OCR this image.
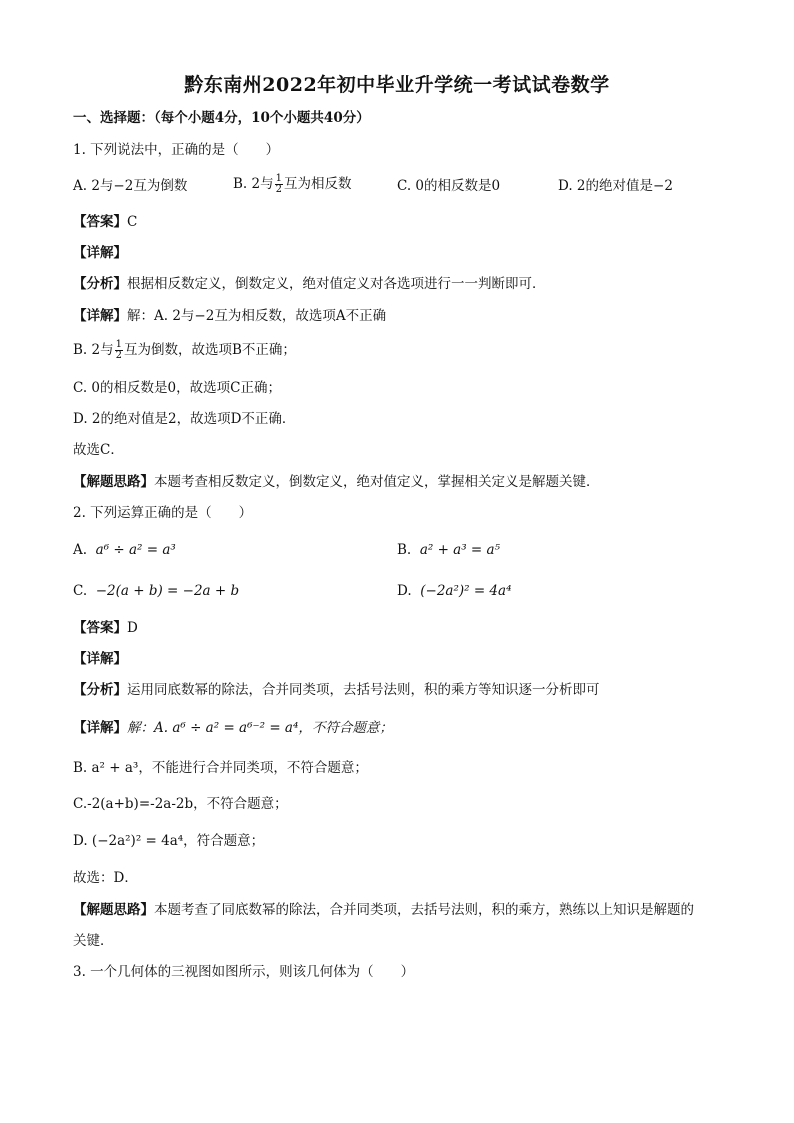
黔东南州2022年初中毕业升学统一考试试卷数学
一、选择题：（每个小题4分，10个小题共40分）
1. 下列说法中，正确的是（　　）
A. 2与−2互为倒数	B. 2与 $\frac{1}{2}$ 互为相反数	C. 0的相反数是0	D. 2的绝对值是−2
【答案】C
【详解】
【分析】根据相反数定义，倒数定义，绝对值定义对各选项进行一一判断即可．
【详解】解：A. 2与−2互为相反数，故选项A不正确
B. 2与 $\frac{1}{2}$ 互为倒数，故选项B不正确；
C. 0的相反数是0，故选项C正确；
D. 2的绝对值是2，故选项D不正确．
故选C．
【解题思路】本题考查相反数定义，倒数定义，绝对值定义，掌握相关定义是解题关键．
2. 下列运算正确的是（　　）
A. a⁶ ÷ a² = a³	B. a² + a³ = a⁵
C. −2(a + b) = −2a + b	D. (−2a²)² = 4a⁴
【答案】D
【详解】
【分析】运用同底数幂的除法，合并同类项，去括号法则，积的乘方等知识逐一分析即可
【详解】解：A. a⁶ ÷ a² = a⁶⁻² = a⁴，不符合题意；
B. a² + a³，不能进行合并同类项，不符合题意；
C.-2(a+b)=-2a-2b，不符合题意；
D. (−2a²)² = 4a⁴，符合题意；
故选：D．
【解题思路】本题考查了同底数幂的除法，合并同类项，去括号法则，积的乘方，熟练以上知识是解题的
关键．
3. 一个几何体的三视图如图所示，则该几何体为（　　）
